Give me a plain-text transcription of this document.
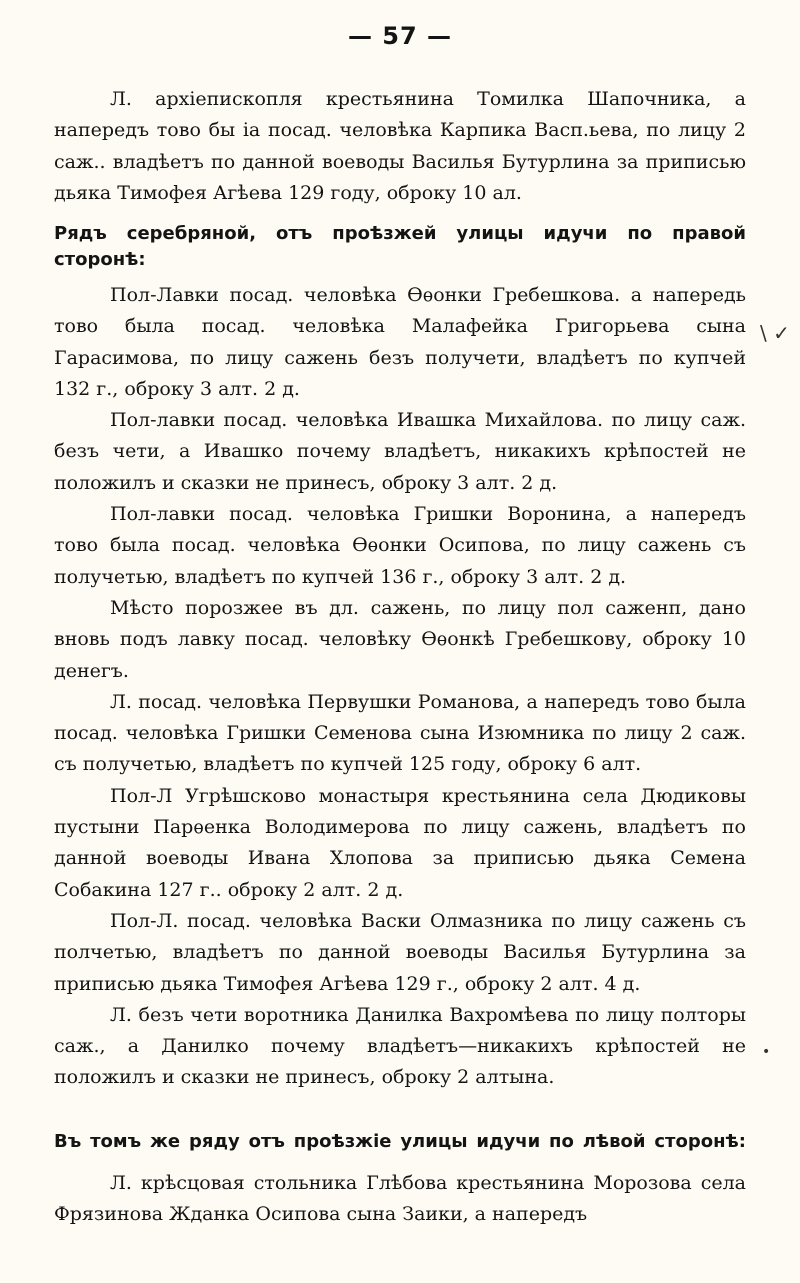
— 57 —

Л. архіепископля крестьянина Томилка Шапочника, а напередъ тово бы іа посад. человѣка Карпика Васп.ьева, по лицу 2 саж.. владѣетъ по данной воеводы Василья Бутурлина за приписью дьяка Тимофея Агѣева 129 году, оброку 10 ал.

Рядъ серебряной, отъ проѣзжей улицы идучи по правой сторонѣ:

Пол-Лавки посад. человѣка Ѳѳонки Гребешкова. а напередь тово была посад. человѣка Малафейка Григорьева сына Гарасимова, по лицу сажень безъ получети, владѣетъ по купчей 132 г., оброку 3 алт. 2 д.

Пол-лавки посад. человѣка Ивашка Михайлова. по лицу саж. безъ чети, а Ивашко почему владѣетъ, никакихъ крѣпостей не положилъ и сказки не принесъ, оброку 3 алт. 2 д.

Пол-лавки посад. человѣка Гришки Воронина, а напередъ тово была посад. человѣка Ѳѳонки Осипова, по лицу сажень съ получетью, владѣетъ по купчей 136 г., оброку 3 алт. 2 д.

Мѣсто порозжее въ дл. сажень, по лицу пол саженп, дано вновь подъ лавку посад. человѣку Ѳѳонкѣ Гребешкову, оброку 10 денегъ.

Л. посад. человѣка Первушки Романова, а напередъ тово была посад. человѣка Гришки Семенова сына Изюмника по лицу 2 саж. съ получетью, владѣетъ по купчей 125 году, оброку 6 алт.

Пол-Л Угрѣшсково монастыря крестьянина села Дюдиковы пустыни Парѳенка Володимерова по лицу сажень, владѣетъ по данной воеводы Ивана Хлопова за приписью дьяка Семена Собакина 127 г.. оброку 2 алт. 2 д.

Пол-Л. посад. человѣка Васки Олмазника по лицу сажень съ полчетью, владѣетъ по данной воеводы Василья Бутурлина за приписью дьяка Тимофея Агѣева 129 г., оброку 2 алт. 4 д.

Л. безъ чети воротника Данилка Вахромѣева по лицу полторы саж., а Данилко почему владѣетъ—никакихъ крѣпостей не положилъ и сказки не принесъ, оброку 2 алтына.

Въ томъ же ряду отъ проѣзжіе улицы идучи по лѣвой сторонѣ:

Л. крѣсцовая стольника Глѣбова крестьянина Морозова села Фрязинова Жданка Осипова сына Заики, а напередъ

\ ✓
•
